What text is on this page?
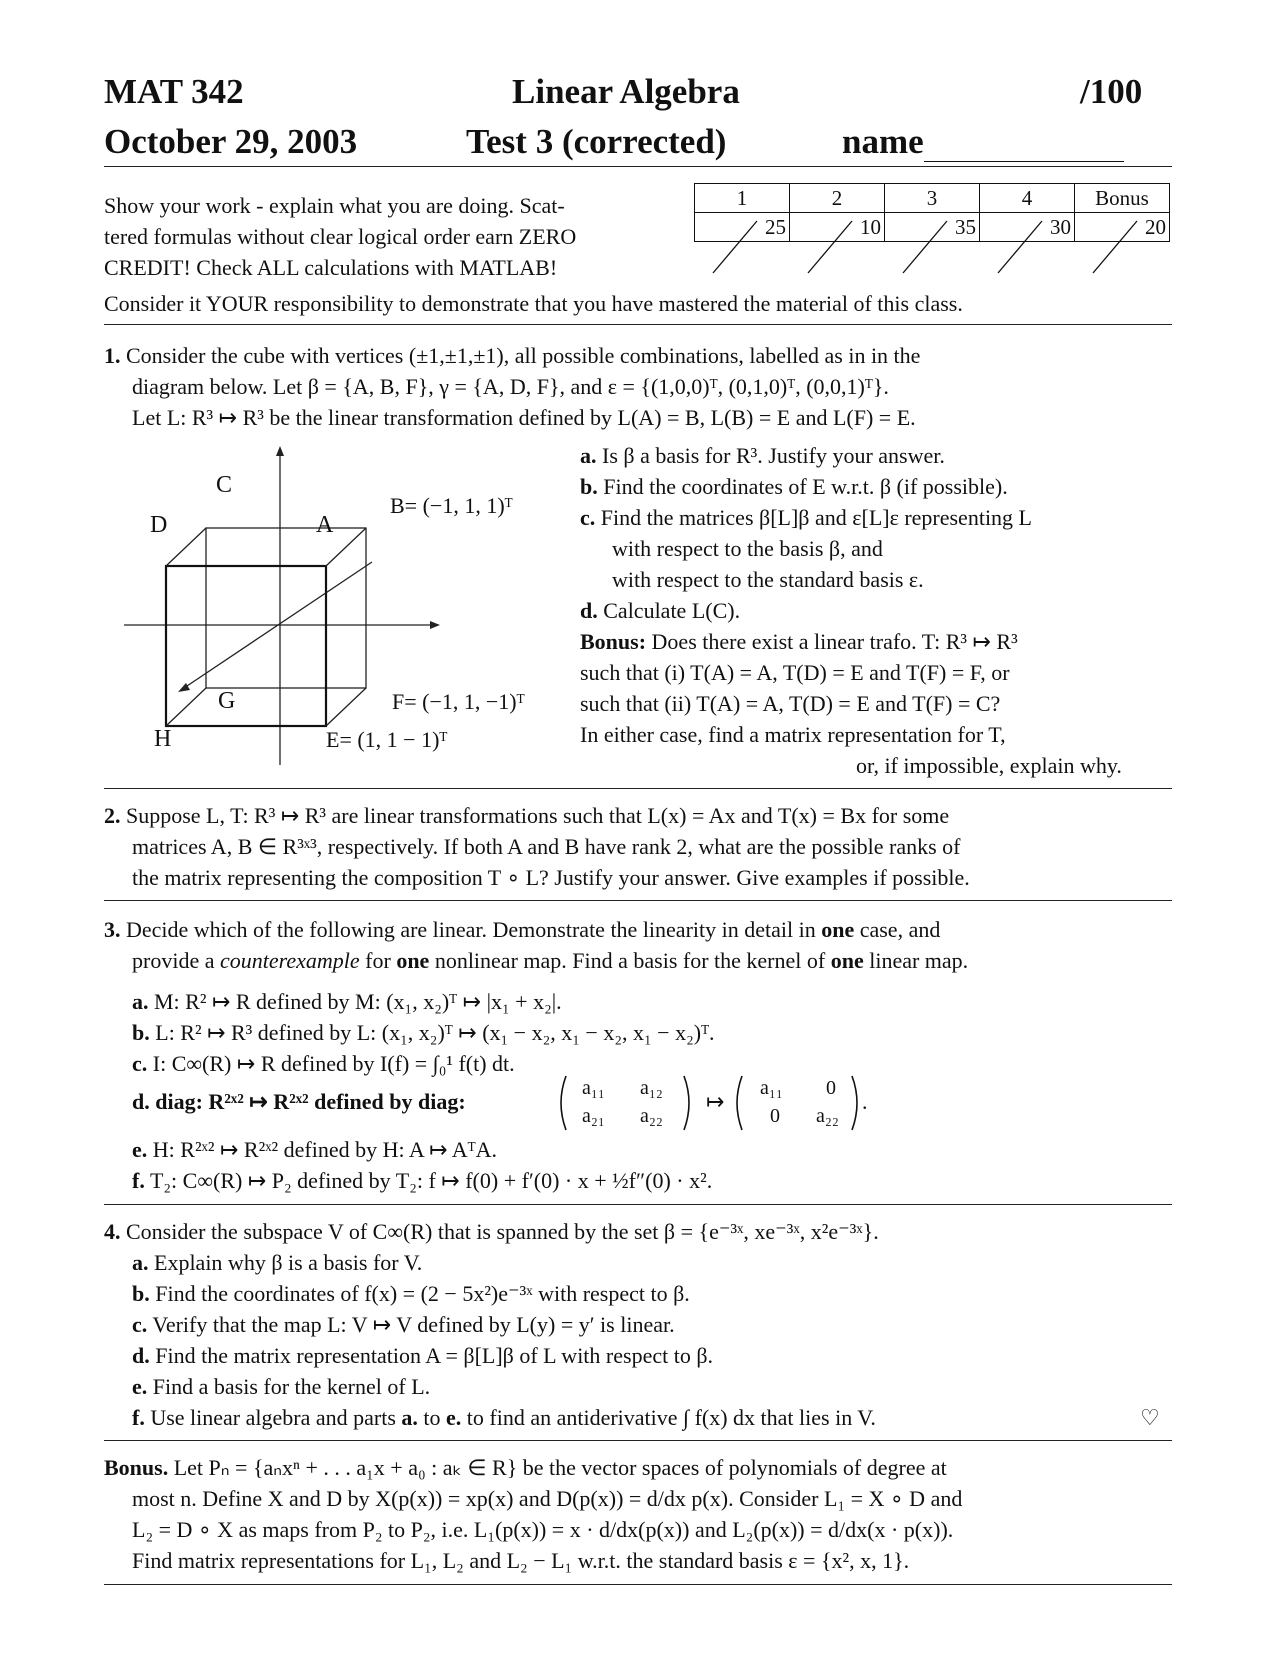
MAT 342	Linear Algebra	/100
October 29, 2003	Test 3 (corrected)	name
Show your work - explain what you are doing. Scat-
tered formulas without clear logical order earn ZERO
CREDIT! Check ALL calculations with MATLAB!
Consider it YOUR responsibility to demonstrate that you have mastered the material of this class.
1	2	3	4	Bonus

25	10	35	30	20
1. Consider the cube with vertices (±1,±1,±1), all possible combinations, labelled as in in the
diagram below. Let β = {A, B, F}, γ = {A, D, F}, and ε = {(1,0,0)ᵀ, (0,1,0)ᵀ, (0,0,1)ᵀ}.
Let L: R³ ↦ R³ be the linear transformation defined by L(A) = B, L(B) = E and L(F) = E.
C
D	A
G
H
B= (−1, 1, 1)ᵀ
F= (−1, 1, −1)ᵀ
E= (1, 1 − 1)ᵀ
a. Is β a basis for R³. Justify your answer.
b. Find the coordinates of E w.r.t. β (if possible).
c. Find the matrices β[L]β and ε[L]ε representing L
with respect to the basis β, and
with respect to the standard basis ε.
d. Calculate L(C).
Bonus: Does there exist a linear trafo. T: R³ ↦ R³
such that (i) T(A) = A, T(D) = E and T(F) = F, or
such that (ii) T(A) = A, T(D) = E and T(F) = C?
In either case, find a matrix representation for T,
or, if impossible, explain why.
2. Suppose L, T: R³ ↦ R³ are linear transformations such that L(x) = Ax and T(x) = Bx for some
matrices A, B ∈ R³ˣ³, respectively. If both A and B have rank 2, what are the possible ranks of
the matrix representing the composition T ∘ L? Justify your answer. Give examples if possible.
3. Decide which of the following are linear. Demonstrate the linearity in detail in one case, and
provide a counterexample for one nonlinear map. Find a basis for the kernel of one linear map.
a. M: R² ↦ R defined by M: (x₁, x₂)ᵀ ↦ |x₁ + x₂|.
b. L: R² ↦ R³ defined by L: (x₁, x₂)ᵀ ↦ (x₁ − x₂, x₁ − x₂, x₁ − x₂)ᵀ.
c. I: C∞(R) ↦ R defined by I(f) = ∫₀¹ f(t) dt.
d. diag: R²ˣ² ↦ R²ˣ² defined by diag:
a₁₁ a₁₂
a₂₁ a₂₂
↦
a₁₁ 0
0 a₂₂
.
e. H: R²ˣ² ↦ R²ˣ² defined by H: A ↦ AᵀA.
f. T₂: C∞(R) ↦ P₂ defined by T₂: f ↦ f(0) + f′(0) · x + ½f″(0) · x².
4. Consider the subspace V of C∞(R) that is spanned by the set β = {e⁻³ˣ, xe⁻³ˣ, x²e⁻³ˣ}.
a. Explain why β is a basis for V.
b. Find the coordinates of f(x) = (2 − 5x²)e⁻³ˣ with respect to β.
c. Verify that the map L: V ↦ V defined by L(y) = y′ is linear.
d. Find the matrix representation A = β[L]β of L with respect to β.
e. Find a basis for the kernel of L.
f. Use linear algebra and parts a. to e. to find an antiderivative ∫ f(x) dx that lies in V.	♡
Bonus. Let Pₙ = {aₙxⁿ + . . . a₁x + a₀ : aₖ ∈ R} be the vector spaces of polynomials of degree at
most n. Define X and D by X(p(x)) = xp(x) and D(p(x)) = d/dx p(x). Consider L₁ = X ∘ D and
L₂ = D ∘ X as maps from P₂ to P₂, i.e. L₁(p(x)) = x · d/dx(p(x)) and L₂(p(x)) = d/dx(x · p(x)).
Find matrix representations for L₁, L₂ and L₂ − L₁ w.r.t. the standard basis ε = {x², x, 1}.
